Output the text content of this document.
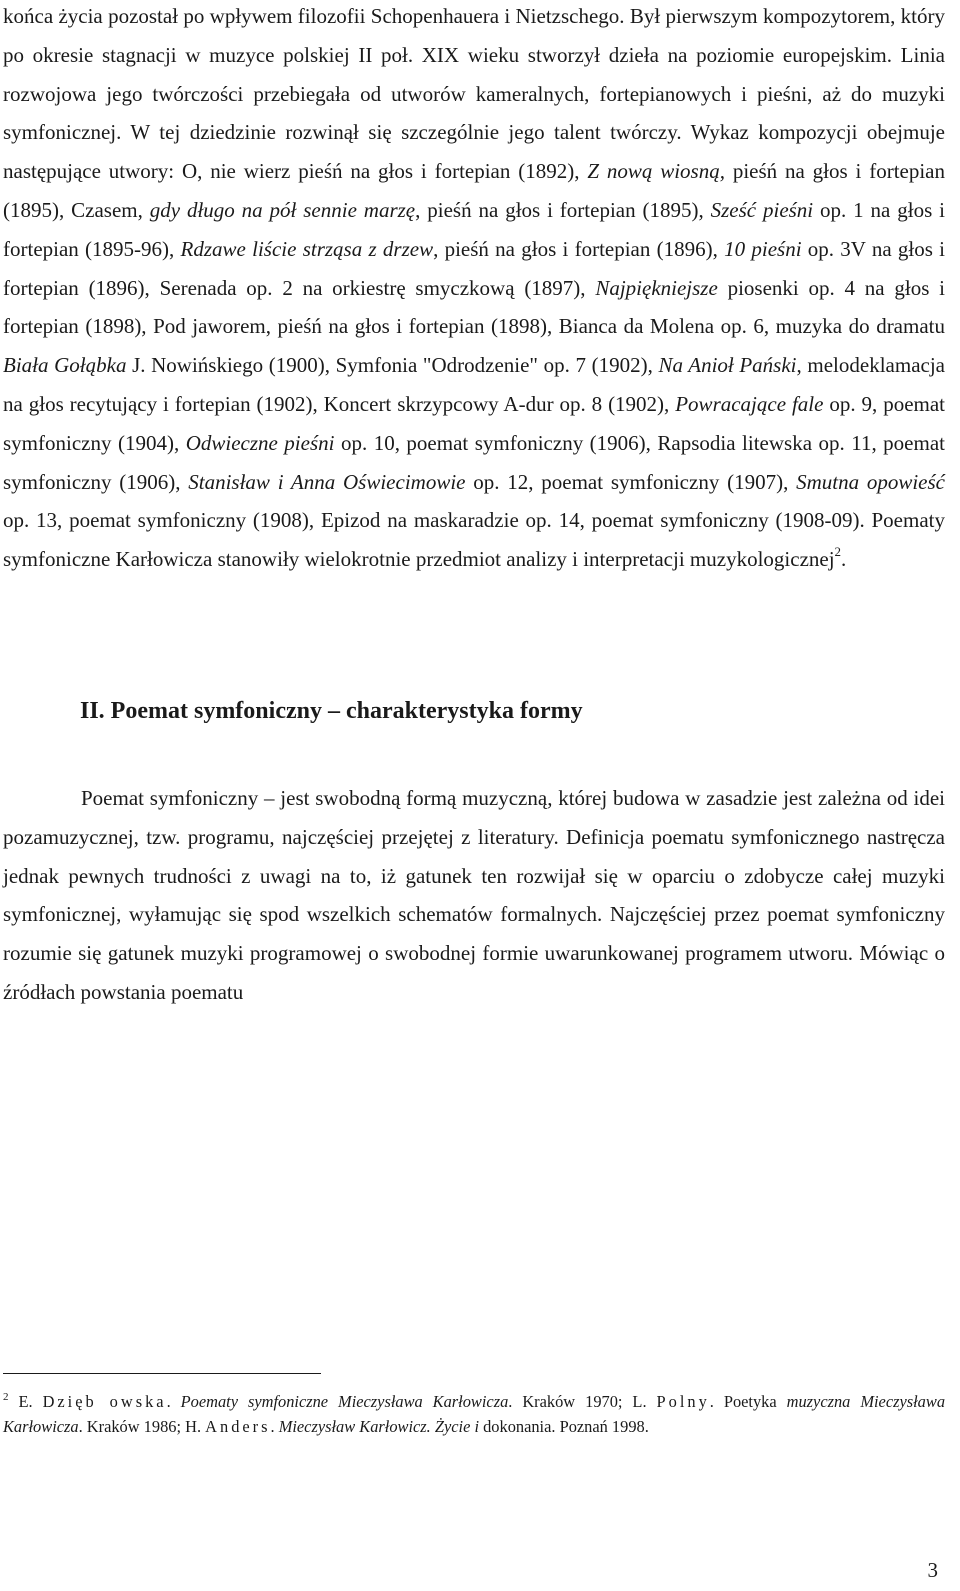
końca życia pozostał po wpływem filozofii Schopenhauera i Nietzschego. Był pierwszym kompozytorem, który po okresie stagnacji w muzyce polskiej II poł. XIX wieku stworzył dzieła na poziomie europejskim. Linia rozwojowa jego twórczości przebiegała od utworów kameralnych, fortepianowych i pieśni, aż do muzyki symfonicznej. W tej dziedzinie rozwinął się szczególnie jego talent twórczy. Wykaz kompozycji obejmuje następujące utwory: O, nie wierz pieśń na głos i fortepian (1892), Z nową wiosną, pieśń na głos i fortepian (1895), Czasem, gdy długo na pół sennie marzę, pieśń na głos i fortepian (1895), Sześć pieśni op. 1 na głos i fortepian (1895-96), Rdzawe liście strząsa z drzew, pieśń na głos i fortepian (1896), 10 pieśni op. 3V na głos i fortepian (1896), Serenada op. 2 na orkiestrę smyczkową (1897), Najpiękniejsze piosenki op. 4 na głos i fortepian (1898), Pod jaworem, pieśń na głos i fortepian (1898), Bianca da Molena op. 6, muzyka do dramatu Biała Gołąbka J. Nowińskiego (1900), Symfonia "Odrodzenie" op. 7 (1902), Na Anioł Pański, melodeklamacja na głos recytujący i fortepian (1902), Koncert skrzypcowy A-dur op. 8 (1902), Powracające fale op. 9, poemat symfoniczny (1904), Odwieczne pieśni op. 10, poemat symfoniczny (1906), Rapsodia litewska op. 11, poemat symfoniczny (1906), Stanisław i Anna Oświecimowie op. 12, poemat symfoniczny (1907), Smutna opowieść op. 13, poemat symfoniczny (1908), Epizod na maskaradzie op. 14, poemat symfoniczny (1908-09). Poematy symfoniczne Karłowicza stanowiły wielokrotnie przedmiot analizy i interpretacji muzykologicznej$^2$.

II. Poemat symfoniczny – charakterystyka formy

Poemat symfoniczny – jest swobodną formą muzyczną, której budowa w zasadzie jest zależna od idei pozamuzycznej, tzw. programu, najczęściej przejętej z literatury. Definicja poematu symfonicznego nastręcza jednak pewnych trudności z uwagi na to, iż gatunek ten rozwijał się w oparciu o zdobycze całej muzyki symfonicznej, wyłamując się spod wszelkich schematów formalnych. Najczęściej przez poemat symfoniczny rozumie się gatunek muzyki programowej o swobodnej formie uwarunkowanej programem utworu. Mówiąc o źródłach powstania poematu

$^2$ E. Dzięb owska. Poematy symfoniczne Mieczysława Karłowicza. Kraków 1970; L. Polny. Poetyka muzyczna Mieczysława Karłowicza. Kraków 1986; H. Anders. Mieczysław Karłowicz. Życie i dokonania. Poznań 1998.

3
